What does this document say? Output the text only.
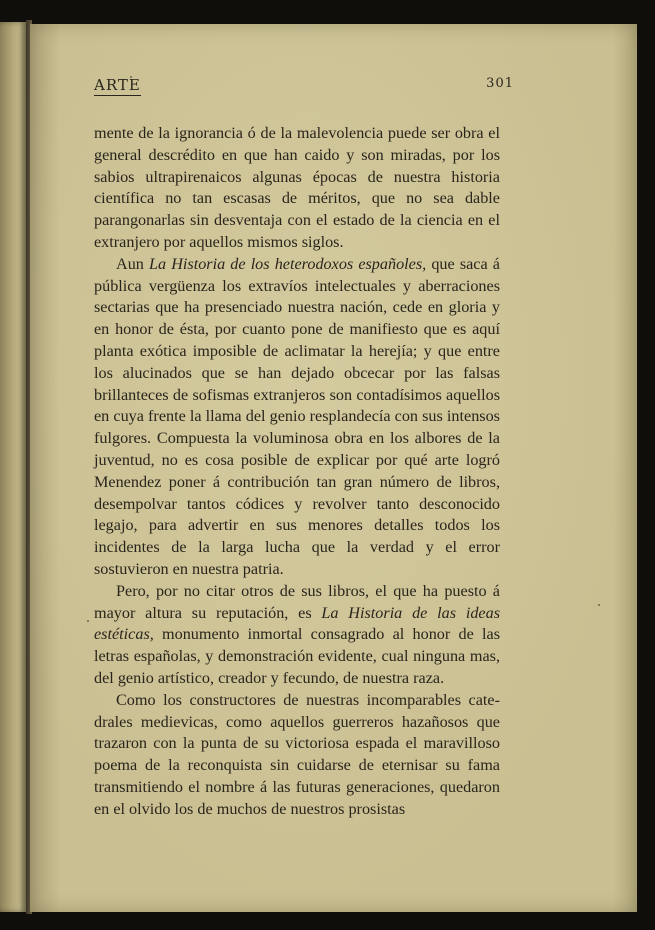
ARTE	301

mente de la ignorancia ó de la malevolencia puede ser obra el general descrédito en que han caido y son miradas, por los sabios ultrapirenaicos algunas épocas de nuestra historia científica no tan escasas de méritos, que no sea dable parangonarlas sin desventaja con el estado de la ciencia en el extranjero por aquellos mismos siglos.

Aun La Historia de los heterodoxos españoles, que saca á pública vergüenza los extravíos intelectuales y aberraciones sectarias que ha presenciado nuestra nación, cede en gloria y en honor de ésta, por cuanto pone de manifiesto que es aquí planta exótica imposible de aclimatar la herejía; y que entre los alucinados que se han dejado obcecar por las falsas brillanteces de sofismas extranjeros son contadísimos aquellos en cuya frente la llama del genio resplandecía con sus intensos fulgores. Compuesta la voluminosa obra en los albores de la juventud, no es cosa posible de explicar por qué arte logró Menendez poner á contribución tan gran número de libros, desempolvar tantos códices y revolver tanto desconocido legajo, para advertir en sus menores detalles todos los incidentes de la larga lucha que la verdad y el error sostuvieron en nuestra patria.

Pero, por no citar otros de sus libros, el que ha puesto á mayor altura su reputación, es La Historia de las ideas estéticas, monumento inmortal consagrado al honor de las letras españolas, y demonstración evidente, cual ninguna mas, del genio artístico, creador y fecundo, de nuestra raza.

Como los constructores de nuestras incomparables catedrales medievicas, como aquellos guerreros hazañosos que trazaron con la punta de su victoriosa espada el maravilloso poema de la reconquista sin cuidarse de eternisar su fama transmitiendo el nombre á las futuras generaciones, quedaron en el olvido los de muchos de nuestros prosistas
